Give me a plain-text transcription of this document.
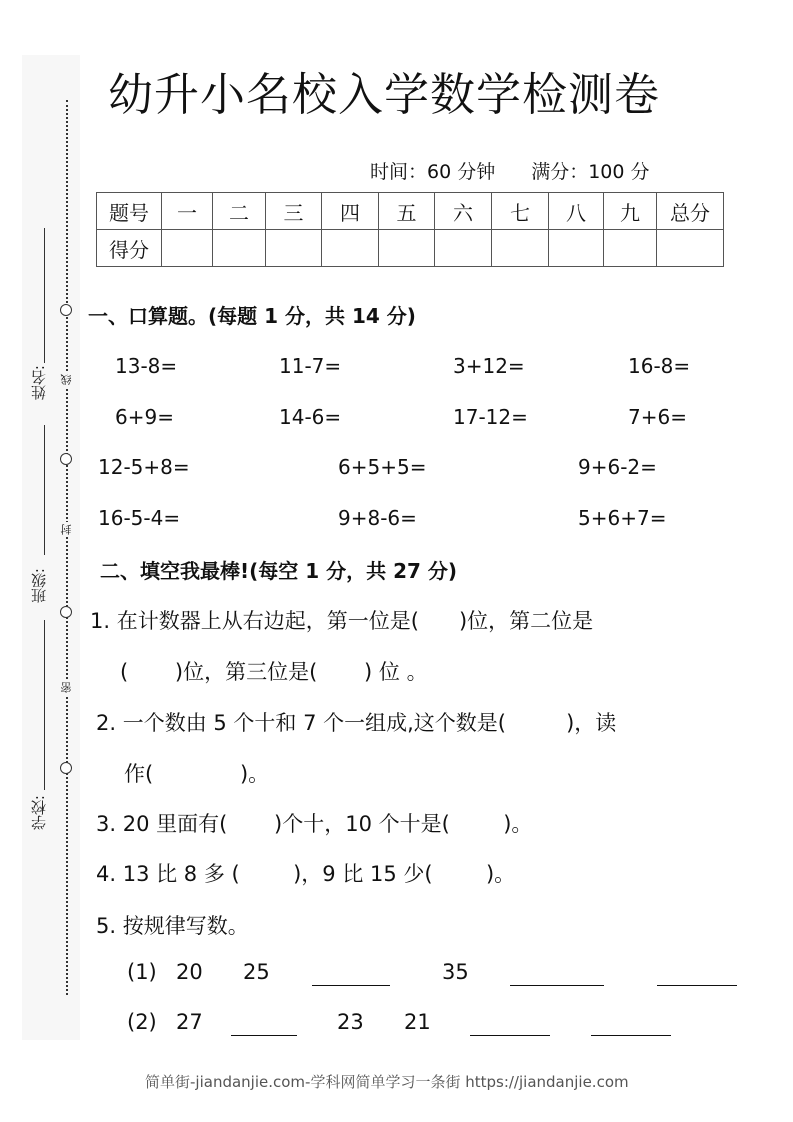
线
封
密
姓名:
班级:
学校:
幼升小名校入学数学检测卷
时间：60 分钟 满分：100 分
题号	一	二	三	四	五	六	七	八	九	总分
得分										
一、口算题。(每题 1 分，共 14 分)
13-8=	11-7=	3+12=	16-8=
6+9=	14-6=	17-12=	7+6=
12-5+8=	6+5+5=	9+6-2=
16-5-4=	9+8-6=	5+6+7=
二、填空我最棒!(每空 1 分，共 27 分)
1. 在计数器上从右边起，第一位是(      )位，第二位是
(       )位，第三位是(       ) 位 。
2. 一个数由 5 个十和 7 个一组成,这个数是(         )，读
作(             )。
3. 20 里面有(       )个十，10 个十是(        )。
4. 13 比 8 多 (        )，9 比 15 少(        )。
5. 按规律写数。
(1) 20 25	35
(2) 27	23 21
简单街-jiandanjie.com-学科网简单学习一条街 https://jiandanjie.com
